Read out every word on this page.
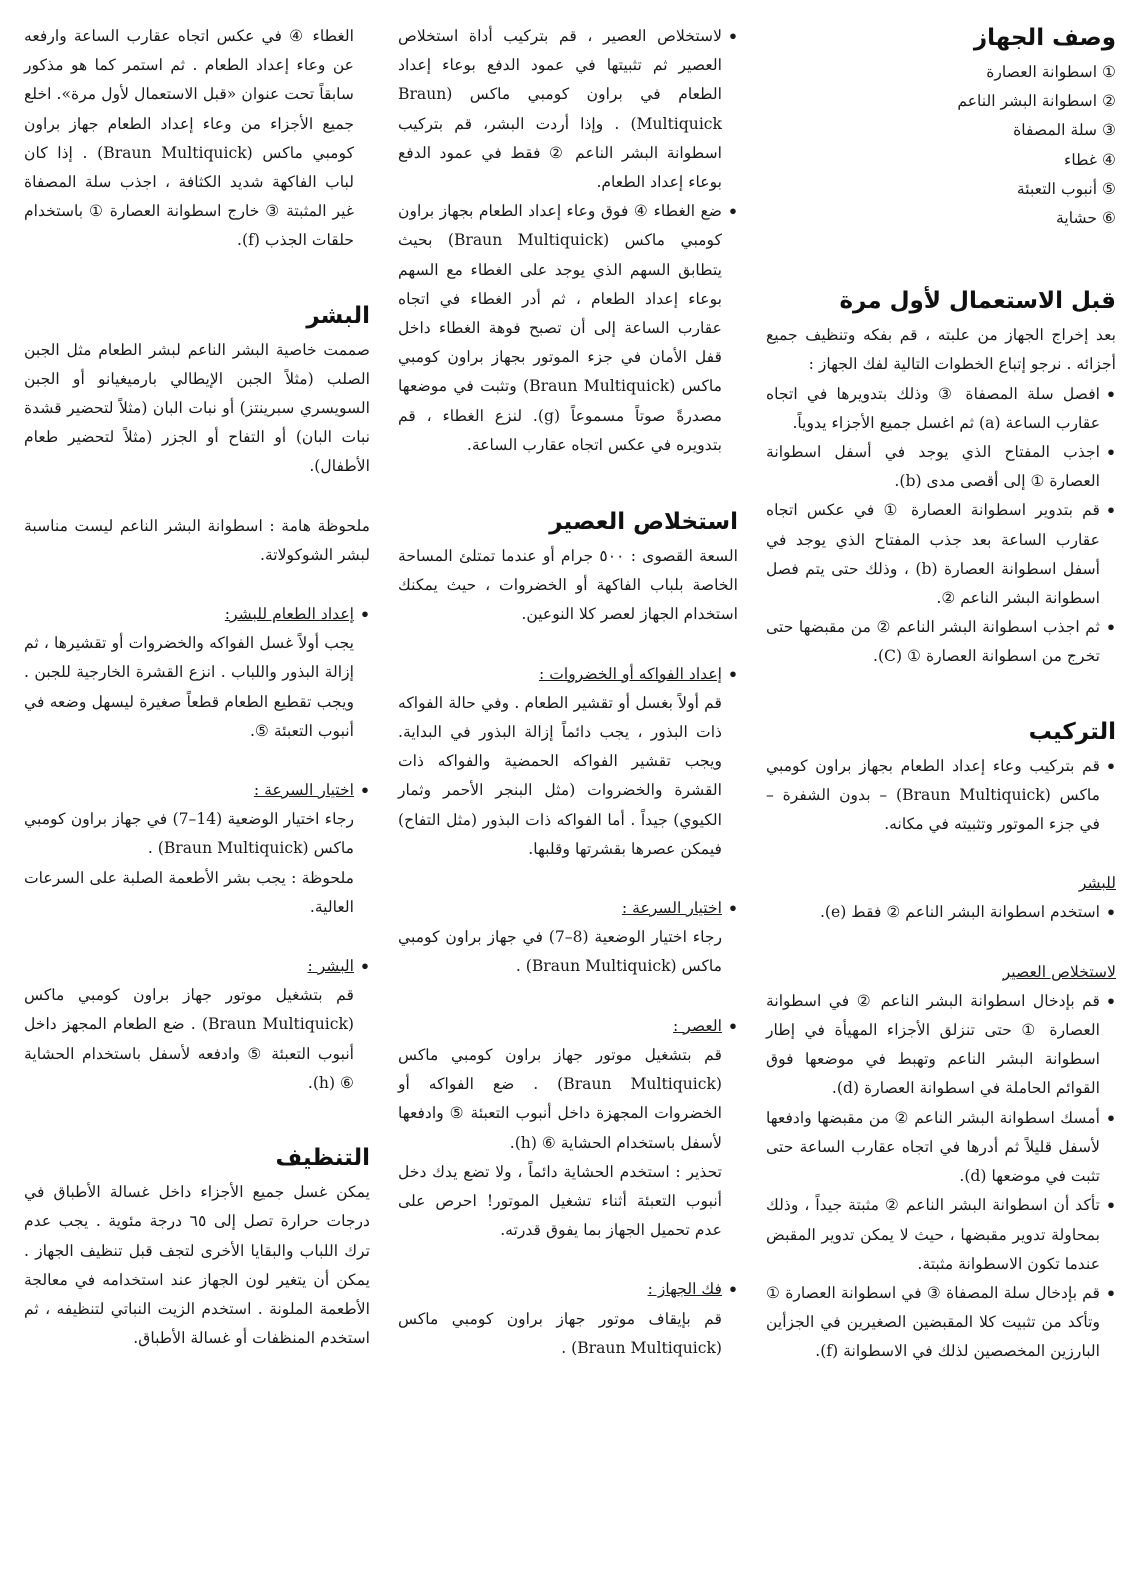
وصف الجهاز
① اسطوانة العصارة
② اسطوانة البشر الناعم
③ سلة المصفاة
④ غطاء
⑤ أنبوب التعبئة
⑥ حشاية
قبل الاستعمال لأول مرة

بعد إخراج الجهاز من علبته ، قم بفكه وتنظيف جميع أجزائه . نرجو إتباع الخطوات التالية لفك الجهاز :

• افصل سلة المصفاة ③ وذلك بتدويرها في اتجاه عقارب الساعة (a) ثم اغسل جميع الأجزاء يدوياً.
• اجذب المفتاح الذي يوجد في أسفل اسطوانة العصارة ① إلى أقصى مدى (b).
• قم بتدوير اسطوانة العصارة ① في عكس اتجاه عقارب الساعة بعد جذب المفتاح الذي يوجد في أسفل اسطوانة العصارة (b) ، وذلك حتى يتم فصل اسطوانة البشر الناعم ②.
• ثم اجذب اسطوانة البشر الناعم ② من مقبضها حتى تخرج من اسطوانة العصارة ① (C).
التركيب
• قم بتركيب وعاء إعداد الطعام بجهاز براون كومبي ماكس (Braun Multiquick) – بدون الشفرة – في جزء الموتور وتثبيته في مكانه.

للبشر

• استخدم اسطوانة البشر الناعم ② فقط (e).

لاستخلاص العصير

• قم بإدخال اسطوانة البشر الناعم ② في اسطوانة العصارة ① حتى تنزلق الأجزاء المهيأة في إطار اسطوانة البشر الناعم وتهبط في موضعها فوق القوائم الحاملة في اسطوانة العصارة (d).
• أمسك اسطوانة البشر الناعم ② من مقبضها وادفعها لأسفل قليلاً ثم أدرها في اتجاه عقارب الساعة حتى تثبت في موضعها (d).
• تأكد أن اسطوانة البشر الناعم ② مثبتة جيداً ، وذلك بمحاولة تدوير مقبضها ، حيث لا يمكن تدوير المقبض عندما تكون الاسطوانة مثبتة.
• قم بإدخال سلة المصفاة ③ في اسطوانة العصارة ① وتأكد من تثبيت كلا المقبضين الصغيرين في الجزأين البارزين المخصصين لذلك في الاسطوانة (f).
• لاستخلاص العصير ، قم بتركيب أداة استخلاص العصير ثم تثبيتها في عمود الدفع بوعاء إعداد الطعام في براون كومبي ماكس (Braun Multiquick) . وإذا أردت البشر، قم بتركيب اسطوانة البشر الناعم ② فقط في عمود الدفع بوعاء إعداد الطعام.
• ضع الغطاء ④ فوق وعاء إعداد الطعام بجهاز براون كومبي ماكس (Braun Multiquick) بحيث يتطابق السهم الذي يوجد على الغطاء مع السهم بوعاء إعداد الطعام ، ثم أدر الغطاء في اتجاه عقارب الساعة إلى أن تصبح فوهة الغطاء داخل قفل الأمان في جزء الموتور بجهاز براون كومبي ماكس (Braun Multiquick) وتثبت في موضعها مصدرةً صوتاً مسموعاً (g). لنزع الغطاء ، قم بتدويره في عكس اتجاه عقارب الساعة.
استخلاص العصير

السعة القصوى : ٥٠٠ جرام أو عندما تمتلئ المساحة الخاصة بلباب الفاكهة أو الخضروات ، حيث يمكنك استخدام الجهاز لعصر كلا النوعين.

• إعداد الفواكه أو الخضروات :

قم أولاً بغسل أو تقشير الطعام . وفي حالة الفواكه ذات البذور ، يجب دائماً إزالة البذور في البداية. ويجب تقشير الفواكه الحمضية والفواكه ذات القشرة والخضروات (مثل البنجر الأحمر وثمار الكيوي) جيداً . أما الفواكه ذات البذور (مثل التفاح) فيمكن عصرها بقشرتها وقلبها.

• اختيار السرعة :

رجاء اختيار الوضعية (8–7) في جهاز براون كومبي ماكس (Braun Multiquick) .

• العصر :

قم بتشغيل موتور جهاز براون كومبي ماكس (Braun Multiquick) . ضع الفواكه أو الخضروات المجهزة داخل أنبوب التعبئة ⑤ وادفعها لأسفل باستخدام الحشاية ⑥ (h).

تحذير : استخدم الحشاية دائماً ، ولا تضع يدك دخل أنبوب التعبئة أثناء تشغيل الموتور! احرص على عدم تحميل الجهاز بما يفوق قدرته.

• فك الجهاز :

قم بإيقاف موتور جهاز براون كومبي ماكس (Braun Multiquick) .

الغطاء ④ في عكس اتجاه عقارب الساعة وارفعه عن وعاء إعداد الطعام . ثم استمر كما هو مذكور سابقاً تحت عنوان «قبل الاستعمال لأول مرة». اخلع جميع الأجزاء من وعاء إعداد الطعام جهاز براون كومبي ماكس (Braun Multiquick) . إذا كان لباب الفاكهة شديد الكثافة ، اجذب سلة المصفاة غير المثبتة ③ خارج اسطوانة العصارة ① باستخدام حلقات الجذب (f).

البشر

صممت خاصية البشر الناعم لبشر الطعام مثل الجبن الصلب (مثلاً الجبن الإيطالي بارميغيانو أو الجبن السويسري سبرينتز) أو نبات البان (مثلاً لتحضير قشدة نبات البان) أو التفاح أو الجزر (مثلاً لتحضير طعام الأطفال).

ملحوظة هامة : اسطوانة البشر الناعم ليست مناسبة لبشر الشوكولاتة.

• إعداد الطعام للبشر:

يجب أولاً غسل الفواكه والخضروات أو تقشيرها ، ثم إزالة البذور واللباب . انزع القشرة الخارجية للجبن . ويجب تقطيع الطعام قطعاً صغيرة ليسهل وضعه في أنبوب التعبئة ⑤.

• اختيار السرعة :

رجاء اختيار الوضعية (14–7) في جهاز براون كومبي ماكس (Braun Multiquick) .

ملحوظة : يجب بشر الأطعمة الصلبة على السرعات العالية.

• البشر :

قم بتشغيل موتور جهاز براون كومبي ماكس (Braun Multiquick) . ضع الطعام المجهز داخل أنبوب التعبئة ⑤ وادفعه لأسفل باستخدام الحشاية ⑥ (h).

التنظيف

يمكن غسل جميع الأجزاء داخل غسالة الأطباق في درجات حرارة تصل إلى ٦٥ درجة مئوية . يجب عدم ترك اللباب والبقايا الأخرى لتجف قبل تنظيف الجهاز . يمكن أن يتغير لون الجهاز عند استخدامه في معالجة الأطعمة الملونة . استخدم الزيت النباتي لتنظيفه ، ثم استخدم المنظفات أو غسالة الأطباق.
